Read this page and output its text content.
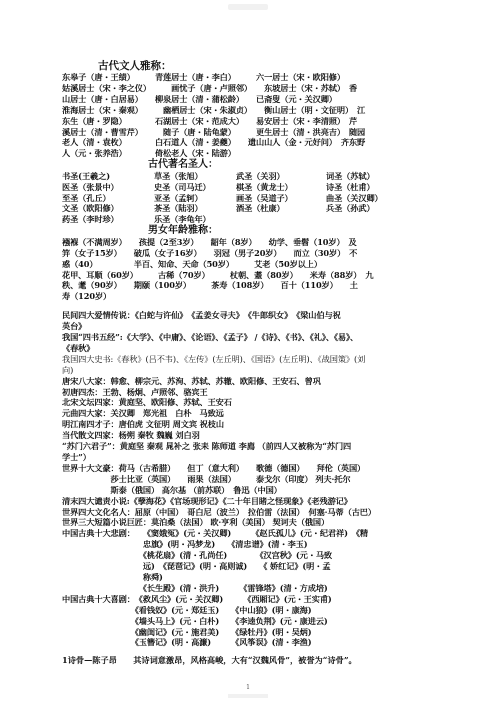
古代文人雅称：
东皋子（唐・王绩）　　　青莲居士（唐・李白）　　　六一居士（宋・欧阳修）
姑溪居士（宋・李之仪）　　　画忧子（唐・卢照邻）　　东坡居士（宋・苏轼）　香
山居士（唐・白居易）　　柳泉居士（清・蒲松龄）　　已斋叟（元・关汉卿）
淮海居士（宋・秦观）　　　幽栖居士（宋・朱淑贞）　　衡山居士（明・文征明）　江
东生（唐・罗隐）　　　　石湖居士（宋・范成大）　　易安居士（宋・李清照）　芹
溪居士（清・曹雪芹）　　　随子（唐・陆龟蒙）　　　更生居士（清・洪亮吉）　随园
老人（清・袁枚）　　　　白石道人（清・姜夔）　　遗山山人（金・元好问）　齐东野
人（元・张养浩）　　　　倚松老人（宋・陆游）
古代著名圣人：
书圣(王羲之)	草圣（张旭）	武圣（关羽）	词圣（苏轼）
医圣（张景中）	史圣（司马迁）	棋圣（黄龙士）	诗圣（杜甫）
至圣（孔丘）	亚圣（孟轲）	画圣（吴道子）	曲圣（关汉卿）
文圣（欧阳修）	茶圣（陆羽）	酒圣（杜康）	兵圣（孙武）
药圣（李时珍）	乐圣（李龟年）
男女年龄雅称：
襁褓（不满周岁）　　孩提（2至3岁）　　龆年（8岁）　　幼学、垂髫（10岁）　及
笄（女子15岁）　　破瓜（女子16岁）　　羽冠（男子20岁）　　而立（30岁）　不
惑（40）　　　　　半百、知命、天命（50岁）　　　艾老（50岁以上）
花甲、耳顺（60岁）　　　古稀（70岁）　　　杖朝、耋（80岁）　　米寿（88岁）　九
秩、耄（90岁）　　期颐（100岁）　　　茶寿（108岁）　　百十（110岁）　　土
寿（120岁）
民间四大爱情传说：《白蛇与许仙》　《孟姜女寻夫》　《牛郎织女》　《梁山伯与祝
英台》
我国“四书五经”:《大学》、《中庸》、《论语》、《孟子》 /《诗》、《书》、《礼》、《易》、
《春秋》
我国四大史书:《春秋》(吕不韦)、《左传》(左丘明)、《国语》(左丘明)、《战国策》(刘
向)
唐宋八大家：韩愈、柳宗元、苏洵、苏轼、苏辙、欧阳修、王安石、曾巩
初唐四杰：王勃、杨炯、卢照邻、骆宾王
北宋文坛四家：黄庭坚、欧阳修、苏轼、王安石
元曲四大家：关汉卿　郑光祖　白朴　马致远
明江南四才子：唐伯虎 文征明 周文宾 祝枝山
当代散文四家：杨朔 秦牧 魏巍 刘白羽
“苏门六君子”：黄庭坚 秦观 晁补之 张耒 陈师道 李廌 （前四人又被称为“苏门四
学士”）
世界十大文豪：荷马（古希腊）　　但丁（意大利）　　歌德（德国）　　拜伦（英国）
　　　　　　莎士比亚（英国）　　雨果（法国）　　　泰戈尔（印度） 列夫·托尔
　　　　　　斯泰（俄国） 高尔基 （前苏联）　鲁迅（中国）
清末四大谴责小说:《孽海花》《官场现形记》《二十年目睹之怪现象》《老残游记》
世界四大文化名人：屈原（中国）　哥白尼（波兰）　拉伯雷（法国）　何塞·马蒂（古巴）
世界三大短篇小说巨匠：莫泊桑（法国） 欧·亨利（美国） 契诃夫（俄国）
中国古典十大悲剧：　　《窦娥冤》(元・关汉卿)　　　《赵氏孤儿》(元・纪君祥)　《精
　　　　　　　　　　忠旗》(明・冯梦龙)　　《清忠谱》(清・李玉)
　　　　　　　　　　《桃花扇》(清・孔尚任)　　　　《汉宫秋》(元・马致
　　　　　　　　　　远)　《琵琶记》(明・高则诚)　　《 娇红记》(明・孟
　　　　　　　　　　称舜)
　　　　　　　　　　《长生殿》(清・洪升)　　　《雷锋塔》(清・方成培)
中国古典十大喜剧：　《救风尘》(元・关汉卿)　　　《西厢记》(元・王实甫)
　　　　　　　　　《看钱奴》(元・郑廷玉)　　《中山狼》(明・康海)
　　　　　　　　　《墙头马上》(元・白朴)　　《李逵负荆》(元・康进云)
　　　　　　　　　《幽闺记》(元・施君美)　　《绿牡丹》(明・吴炳)
　　　　　　　　　《玉簪记》(明・高濂)　　　《风筝误》(清・李渔)
1诗骨—陈子昂　　其诗词意激昂，风格高峻，大有“汉魏风骨”，被誉为“诗骨”。
1
